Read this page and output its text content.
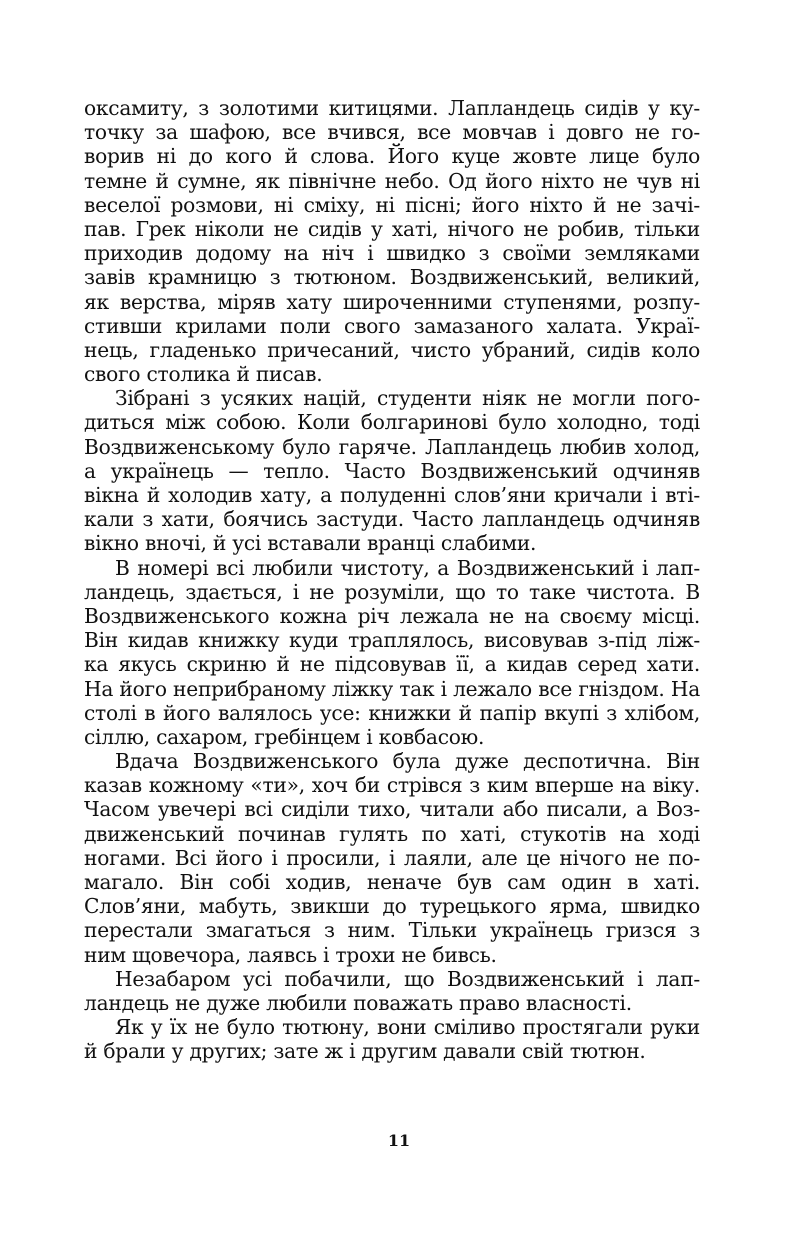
оксамиту, з золотими китицями. Лапландець сидів у ку-
точку за шафою, все вчився, все мовчав і довго не го-
ворив ні до кого й слова. Його куце жовте лице було
темне й сумне, як північне небо. Од його ніхто не чув ні
веселої розмови, ні сміху, ні пісні; його ніхто й не зачі-
пав. Грек ніколи не сидів у хаті, нічого не робив, тільки
приходив додому на ніч і швидко з своїми земляками
завів крамницю з тютюном. Воздвиженський, великий,
як верства, міряв хату широченними ступенями, розпу-
стивши крилами поли свого замазаного халата. Украї-
нець, гладенько причесаний, чисто убраний, сидів коло
свого столика й писав.
Зібрані з усяких націй, студенти ніяк не могли пого-
диться між собою. Коли болгаринові було холодно, тоді
Воздвиженському було гаряче. Лапландець любив холод,
а українець — тепло. Часто Воздвиженський одчиняв
вікна й холодив хату, а полуденні слов’яни кричали і вті-
кали з хати, боячись застуди. Часто лапландець одчиняв
вікно вночі, й усі вставали вранці слабими.
В номері всі любили чистоту, а Воздвиженський і лап-
ландець, здається, і не розуміли, що то таке чистота. В
Воздвиженського кожна річ лежала не на своєму місці.
Він кидав книжку куди траплялось, висовував з-під ліж-
ка якусь скриню й не підсовував її, а кидав серед хати.
На його неприбраному ліжку так і лежало все гніздом. На
столі в його валялось усе: книжки й папір вкупі з хлібом,
сіллю, сахаром, гребінцем і ковбасою.
Вдача Воздвиженського була дуже деспотична. Він
казав кожному «ти», хоч би стрівся з ким вперше на віку.
Часом увечері всі сиділи тихо, читали або писали, а Воз-
движенський починав гулять по хаті, стукотів на ході
ногами. Всі його і просили, і лаяли, але це нічого не по-
магало. Він собі ходив, неначе був сам один в хаті.
Слов’яни, мабуть, звикши до турецького ярма, швидко
перестали змагаться з ним. Тільки українець гризся з
ним щовечора, лаявсь і трохи не бивсь.
Незабаром усі побачили, що Воздвиженський і лап-
ландець не дуже любили поважать право власності.
Як у їх не було тютюну, вони сміливо простягали руки
й брали у других; зате ж і другим давали свій тютюн.
11
